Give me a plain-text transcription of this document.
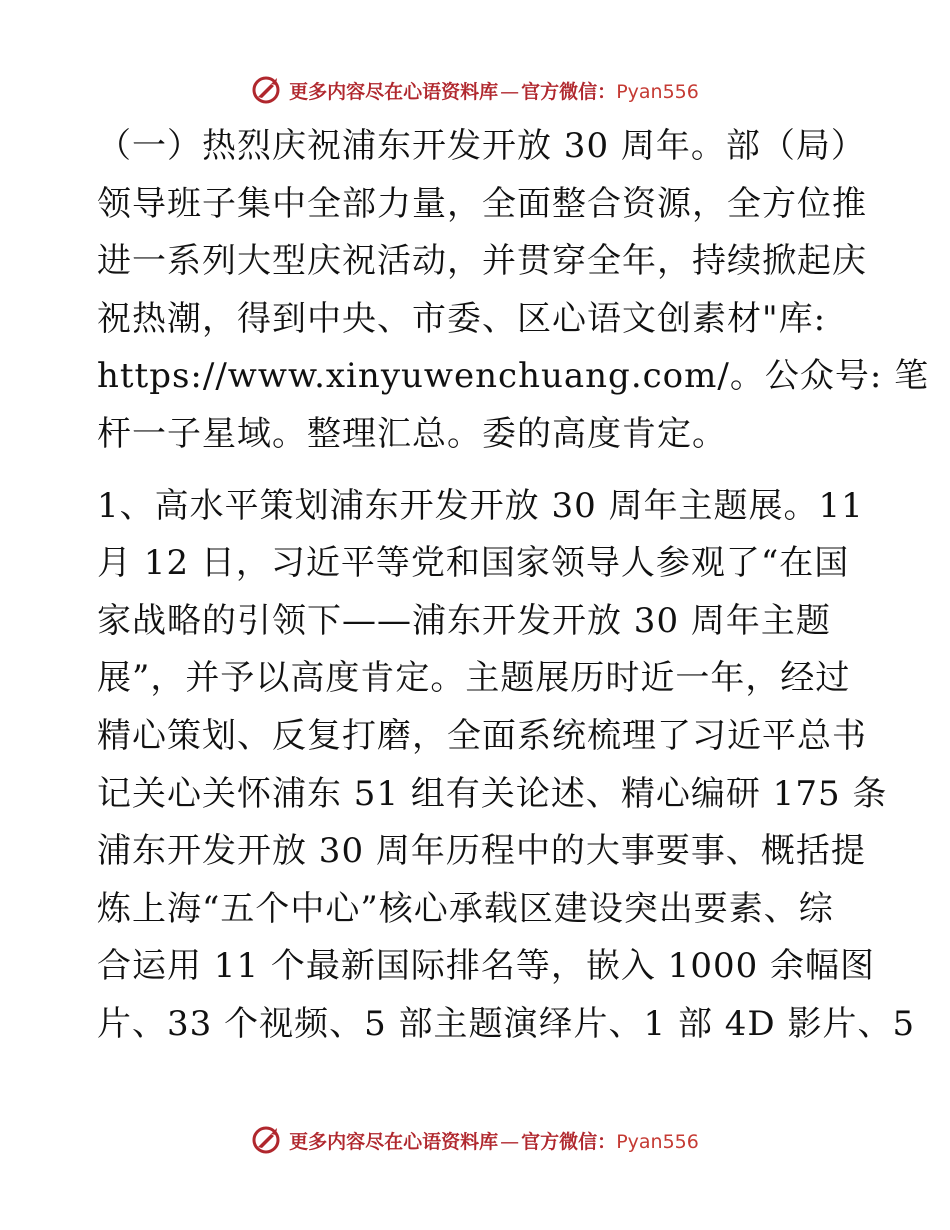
更多内容尽在心语资料库 — 官方微信：Pyan556

（一）热烈庆祝浦东开发开放 30 周年。部（局）
领导班子集中全部力量，全面整合资源，全方位推
进一系列大型庆祝活动，并贯穿全年，持续掀起庆
祝热潮，得到中央、市委、区心语文创素材"库:
https://www.xinyuwenchuang.com/。公众号: 笔
杆一子星域。整理汇总。委的高度肯定。

1、高水平策划浦东开发开放 30 周年主题展。11
月 12 日，习近平等党和国家领导人参观了“在国
家战略的引领下——浦东开发开放 30 周年主题
展”，并予以高度肯定。主题展历时近一年，经过
精心策划、反复打磨，全面系统梳理了习近平总书
记关心关怀浦东 51 组有关论述、精心编研 175 条
浦东开发开放 30 周年历程中的大事要事、概括提
炼上海“五个中心”核心承载区建设突出要素、综
合运用 11 个最新国际排名等，嵌入 1000 余幅图
片、33 个视频、5 部主题演绎片、1 部 4D 影片、5

更多内容尽在心语资料库 — 官方微信：Pyan556
